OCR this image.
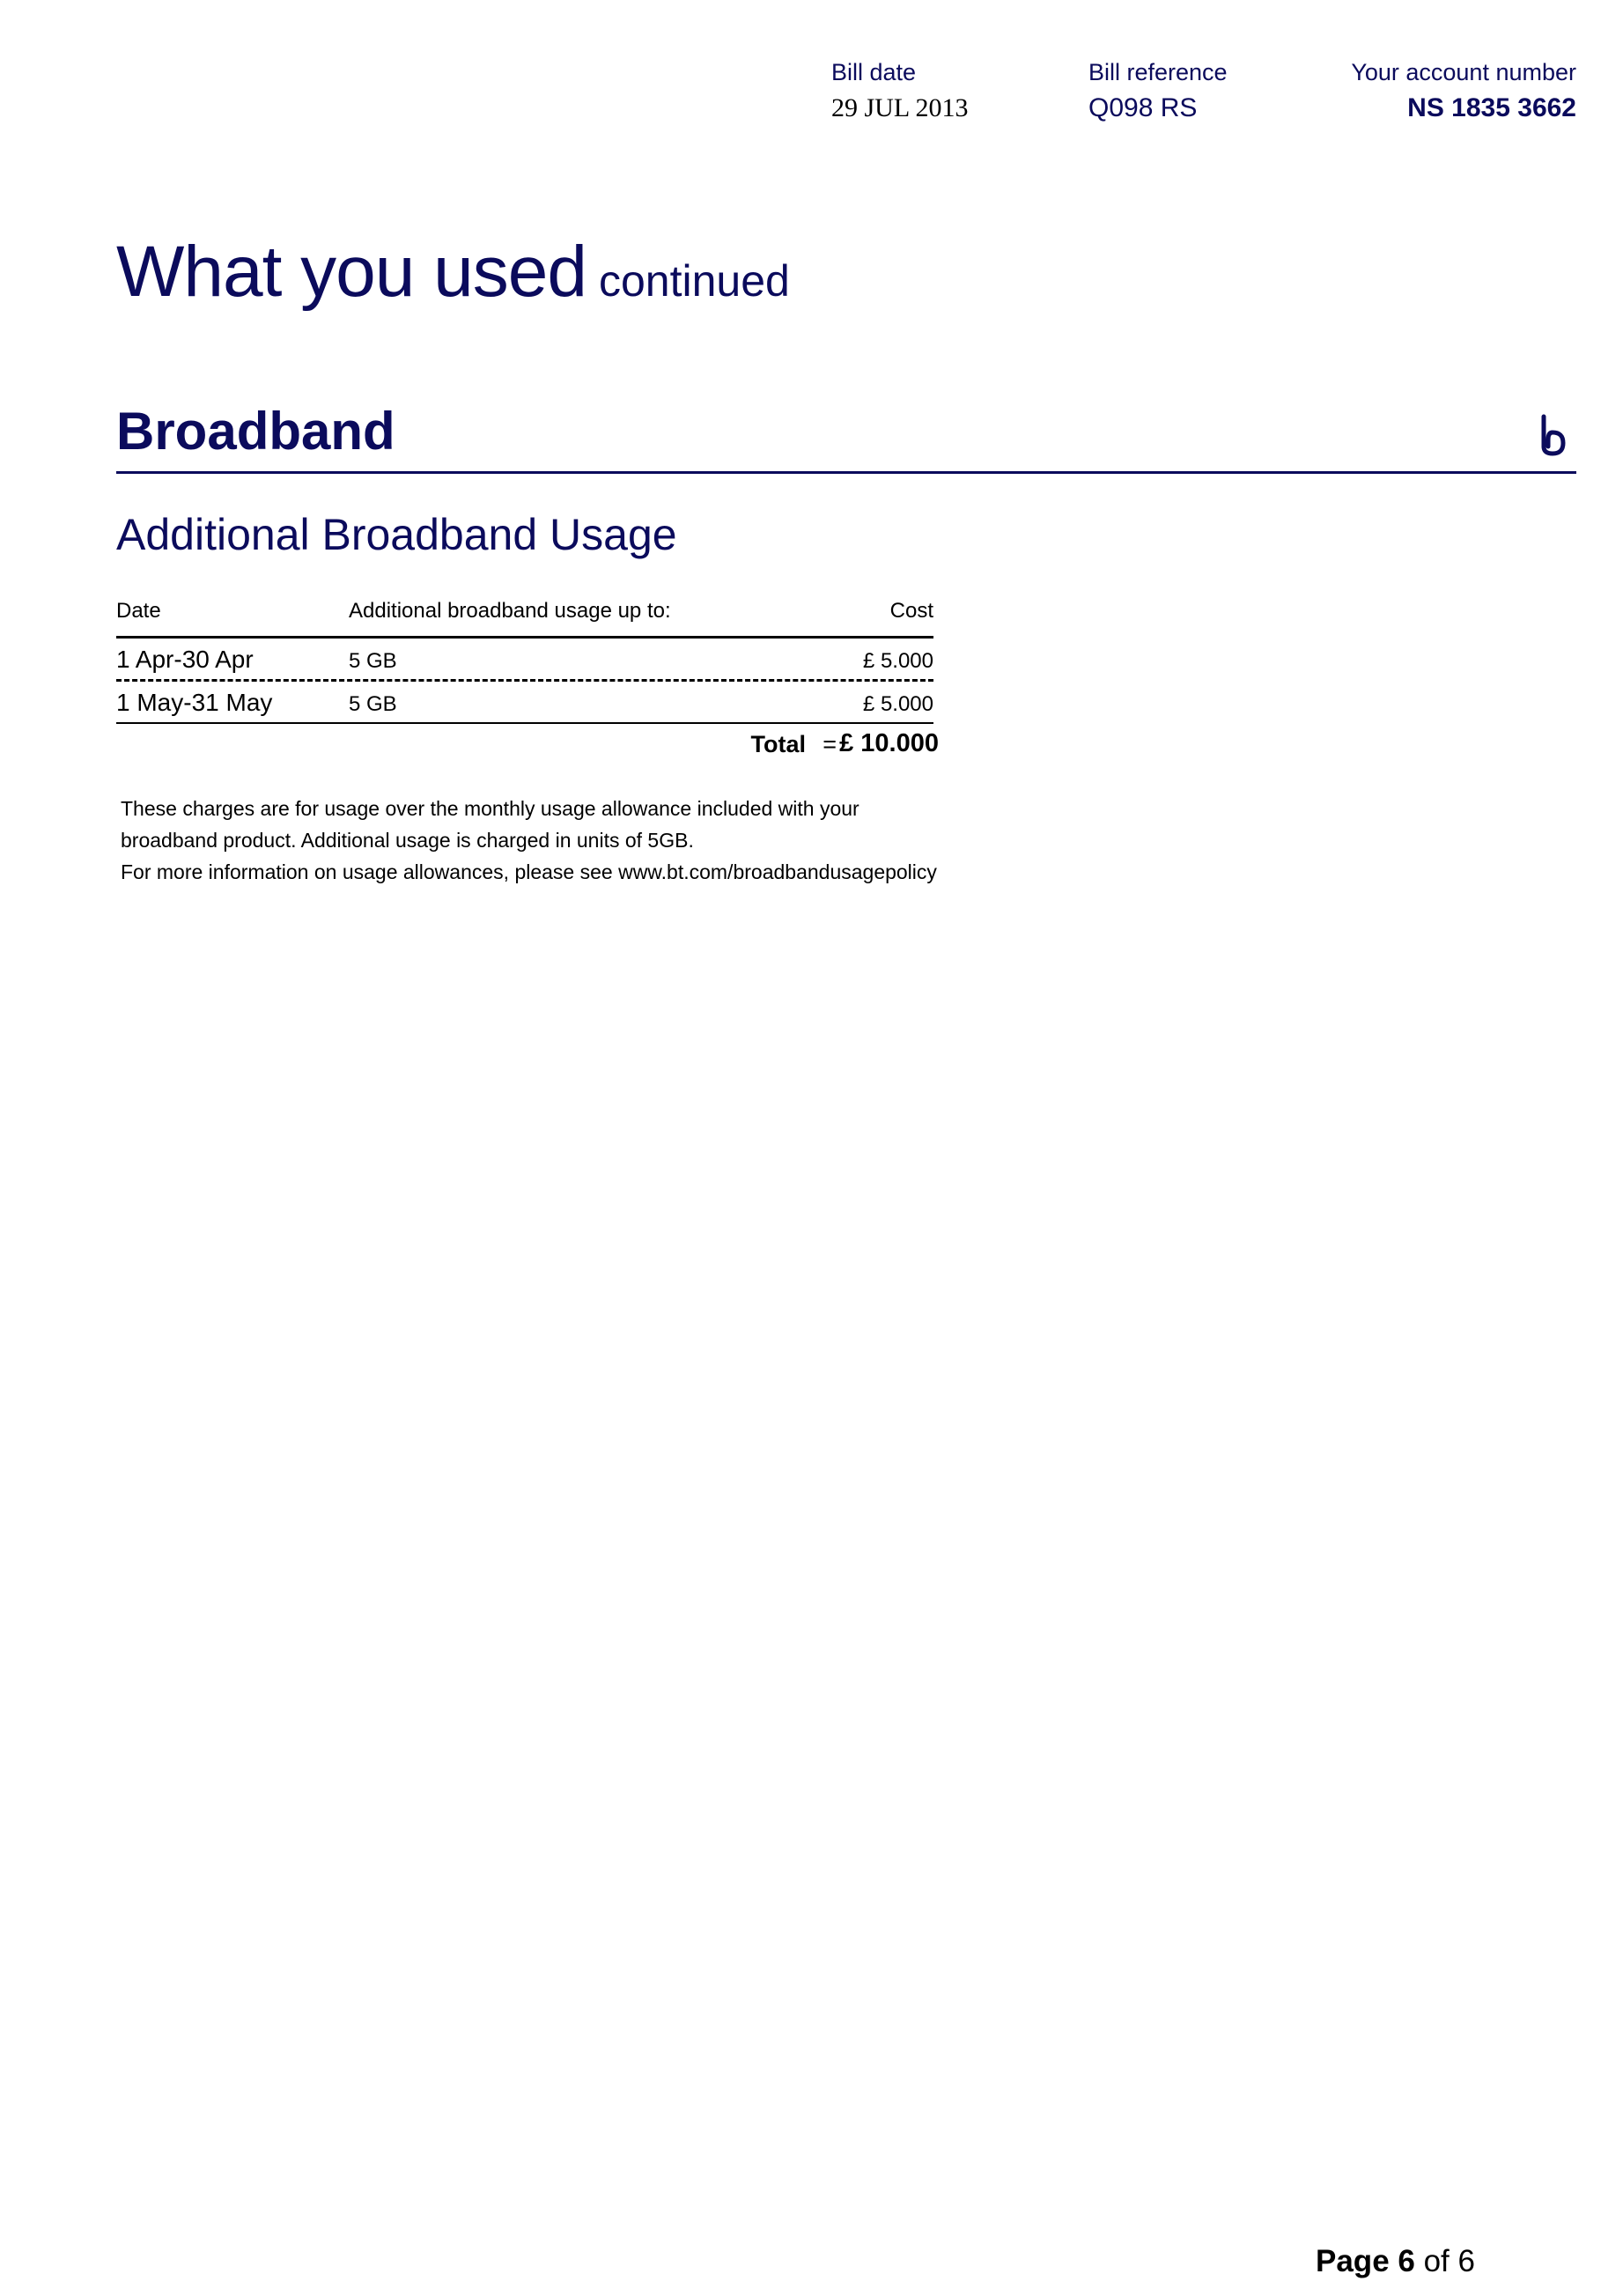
Bill date
29 JUL 2013
Bill reference
Q098 RS
Your account number
NS 1835 3662
What you used continued
Broadband
Additional Broadband Usage
Date	Additional broadband usage up to:	Cost
1 Apr-30 Apr	5 GB	£ 5.000
1 May-31 May	5 GB	£ 5.000
Total = £ 10.000
These charges are for usage over the monthly usage allowance included with your
broadband product. Additional usage is charged in units of 5GB.
For more information on usage allowances, please see www.bt.com/broadbandusagepolicy
Page 6 of 6
